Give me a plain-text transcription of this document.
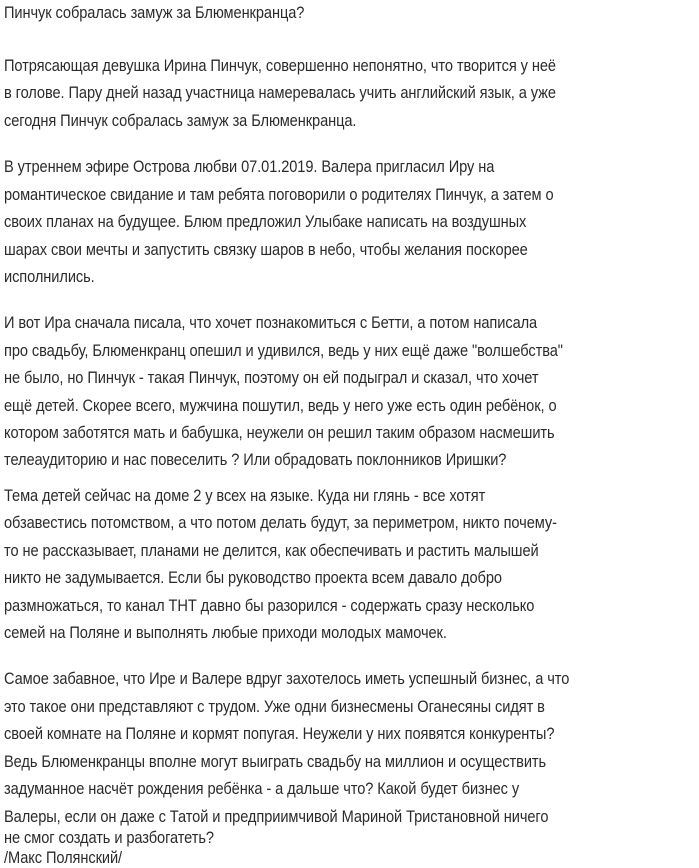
Пинчук собралась замуж за Блюменкранца?
Потрясающая девушка Ирина Пинчук, совершенно непонятно, что творится у неё
в голове. Пару дней назад участница намеревалась учить английский язык, а уже
сегодня Пинчук собралась замуж за Блюменкранца.
В утреннем эфире Острова любви 07.01.2019. Валера пригласил Иру на
романтическое свидание и там ребята поговорили о родителях Пинчук, а затем о
своих планах на будущее. Блюм предложил Улыбаке написать на воздушных
шарах свои мечты и запустить связку шаров в небо, чтобы желания поскорее
исполнились.
И вот Ира сначала писала, что хочет познакомиться с Бетти, а потом написала
про свадьбу, Блюменкранц опешил и удивился, ведь у них ещё даже "волшебства"
не было, но Пинчук - такая Пинчук, поэтому он ей подыграл и сказал, что хочет
ещё детей. Скорее всего, мужчина пошутил, ведь у него уже есть один ребёнок, о
котором заботятся мать и бабушка, неужели он решил таким образом насмешить
телеаудиторию и нас повеселить ? Или обрадовать поклонников Иришки?
Тема детей сейчас на доме 2 у всех на языке. Куда ни глянь - все хотят
обзавестись потомством, а что потом делать будут, за периметром, никто почему-
то не рассказывает, планами не делится, как обеспечивать и растить малышей
никто не задумывается. Если бы руководство проекта всем давало добро
размножаться, то канал ТНТ давно бы разорился - содержать сразу несколько
семей на Поляне и выполнять любые приходи молодых мамочек.
Самое забавное, что Ире и Валере вдруг захотелось иметь успешный бизнес, а что
это такое они представляют с трудом. Уже одни бизнесмены Оганесяны сидят в
своей комнате на Поляне и кормят попугая. Неужели у них появятся конкуренты?
Ведь Блюменкранцы вполне могут выиграть свадьбу на миллион и осуществить
задуманное насчёт рождения ребёнка - а дальше что? Какой будет бизнес у
Валеры, если он даже с Татой и предприимчивой Мариной Тристановной ничего
не смог создать и разбогатеть?
/Макс Полянский/
